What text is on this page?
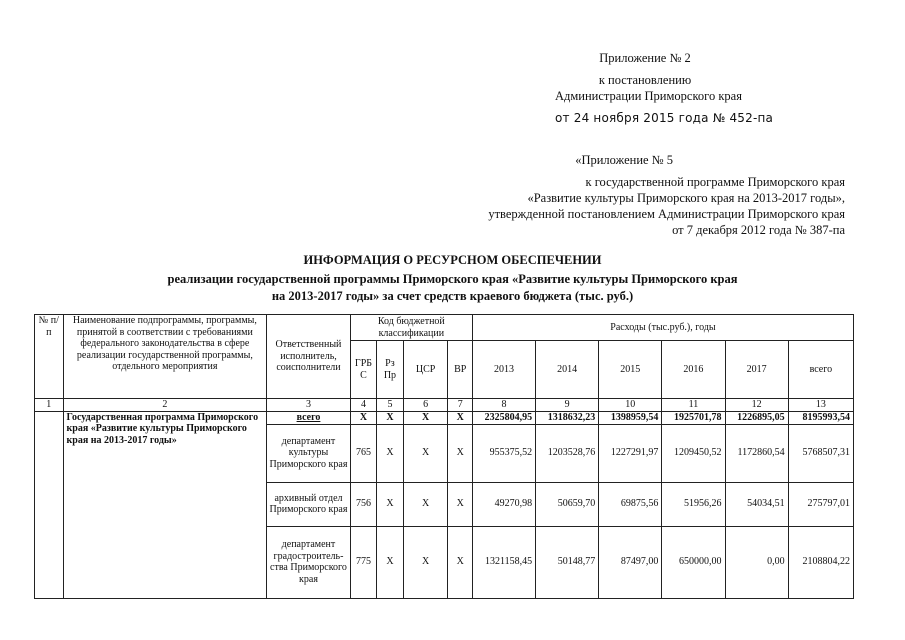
Приложение № 2
к постановлению
Администрации Приморского края
от 24 ноября 2015 года № 452-па
«Приложение № 5
к государственной программе Приморского края
«Развитие культуры Приморского края на 2013-2017 годы»,
утвержденной постановлением Администрации Приморского края
от 7 декабря 2012 года № 387-па
ИНФОРМАЦИЯ О РЕСУРСНОМ ОБЕСПЕЧЕНИИ
реализации государственной программы Приморского края «Развитие культуры Приморского края
на 2013-2017 годы» за счет средств краевого бюджета (тыс. руб.)
№ п/п	Наименование подпрограммы, программы, принятой в соответствии с требованиями федерального законодательства в сфере реализации государственной программы, отдельного мероприятия	Ответственный исполнитель, соисполнители	Код бюджетной классификации				Расходы (тыс.руб.), годы					
			ГРБ С	Рз Пр	ЦСР	ВР	2013	2014	2015	2016	2017	всего
1	2	3	4	5	6	7	8	9	10	11	12	13
	Государственная программа Приморского края «Развитие культуры Приморского края на 2013-2017 годы»	всего	X	X	X	X	2325804,95	1318632,23	1398959,54	1925701,78	1226895,05	8195993,54
		департамент культуры Приморского края	765	X	X	X	955375,52	1203528,76	1227291,97	1209450,52	1172860,54	5768507,31
		архивный отдел Приморского края	756	X	X	X	49270,98	50659,70	69875,56	51956,26	54034,51	275797,01
		департамент градостроитель-ства Приморского края	775	X	X	X	1321158,45	50148,77	87497,00	650000,00	0,00	2108804,22
